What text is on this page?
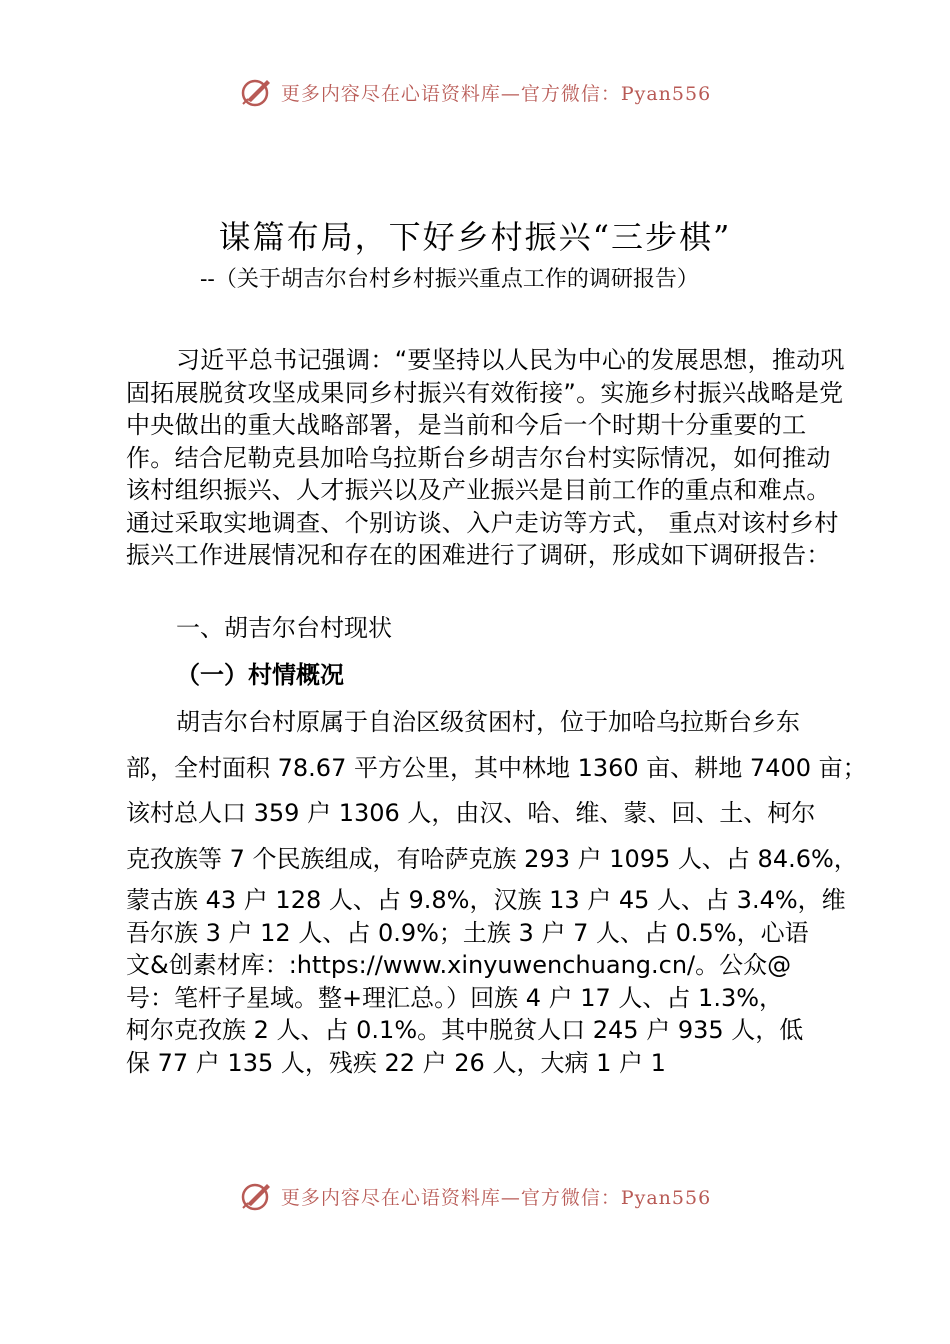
更多内容尽在心语资料库—官方微信：Pyan556
谋篇布局，下好乡村振兴“三步棋”
--（关于胡吉尔台村乡村振兴重点工作的调研报告）
习近平总书记强调：“要坚持以人民为中心的发展思想，推动巩固拓展脱贫攻坚成果同乡村振兴有效衔接”。实施乡村振兴战略是党中央做出的重大战略部署，是当前和今后一个时期十分重要的工作。结合尼勒克县加哈乌拉斯台乡胡吉尔台村实际情况，如何推动该村组织振兴、人才振兴以及产业振兴是目前工作的重点和难点。通过采取实地调查、个别访谈、入户走访等方式， 重点对该村乡村振兴工作进展情况和存在的困难进行了调研，形成如下调研报告：
一、胡吉尔台村现状
（一）村情概况
胡吉尔台村原属于自治区级贫困村，位于加哈乌拉斯台乡东
部，全村面积 78.67 平方公里，其中林地 1360 亩、耕地 7400 亩；
该村总人口 359 户 1306 人，由汉、哈、维、蒙、回、土、柯尔
克孜族等 7 个民族组成，有哈萨克族 293 户 1095 人、占 84.6%，
蒙古族 43 户 128 人、占 9.8%，汉族 13 户 45 人、占 3.4%，维
吾尔族 3 户 12 人、占 0.9%；土族 3 户 7 人、占 0.5%，心语
文&创素材库：:https://www.xinyuwenchuang.cn/。公众@
号：笔杆子星域。整+理汇总。）回族 4 户 17 人、占 1.3%，
柯尔克孜族 2 人、占 0.1%。其中脱贫人口 245 户 935 人，低
保 77 户 135 人，残疾 22 户 26 人，大病 1 户 1
更多内容尽在心语资料库—官方微信：Pyan556
